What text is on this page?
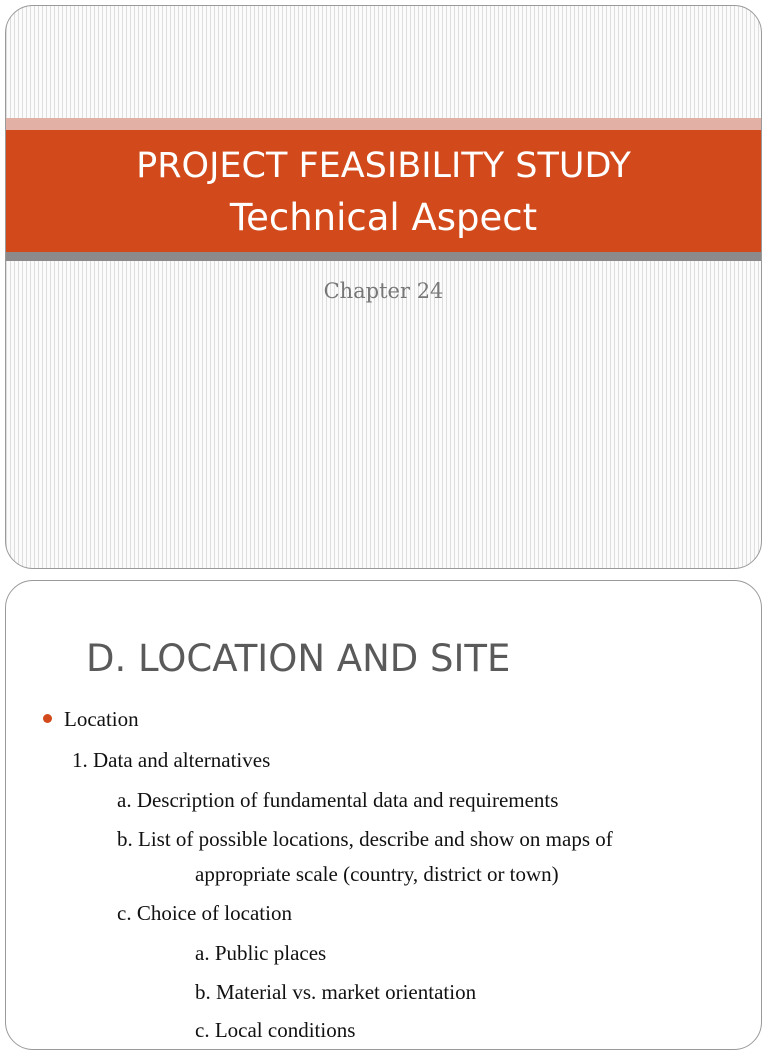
PROJECT FEASIBILITY STUDY
Technical Aspect
Chapter 24
D. LOCATION AND SITE
Location
1. Data and alternatives
a. Description of fundamental data and requirements
b. List of possible locations, describe and show on maps of
appropriate scale (country, district or town)
c. Choice of location
a. Public places
b. Material vs. market orientation
c. Local conditions
